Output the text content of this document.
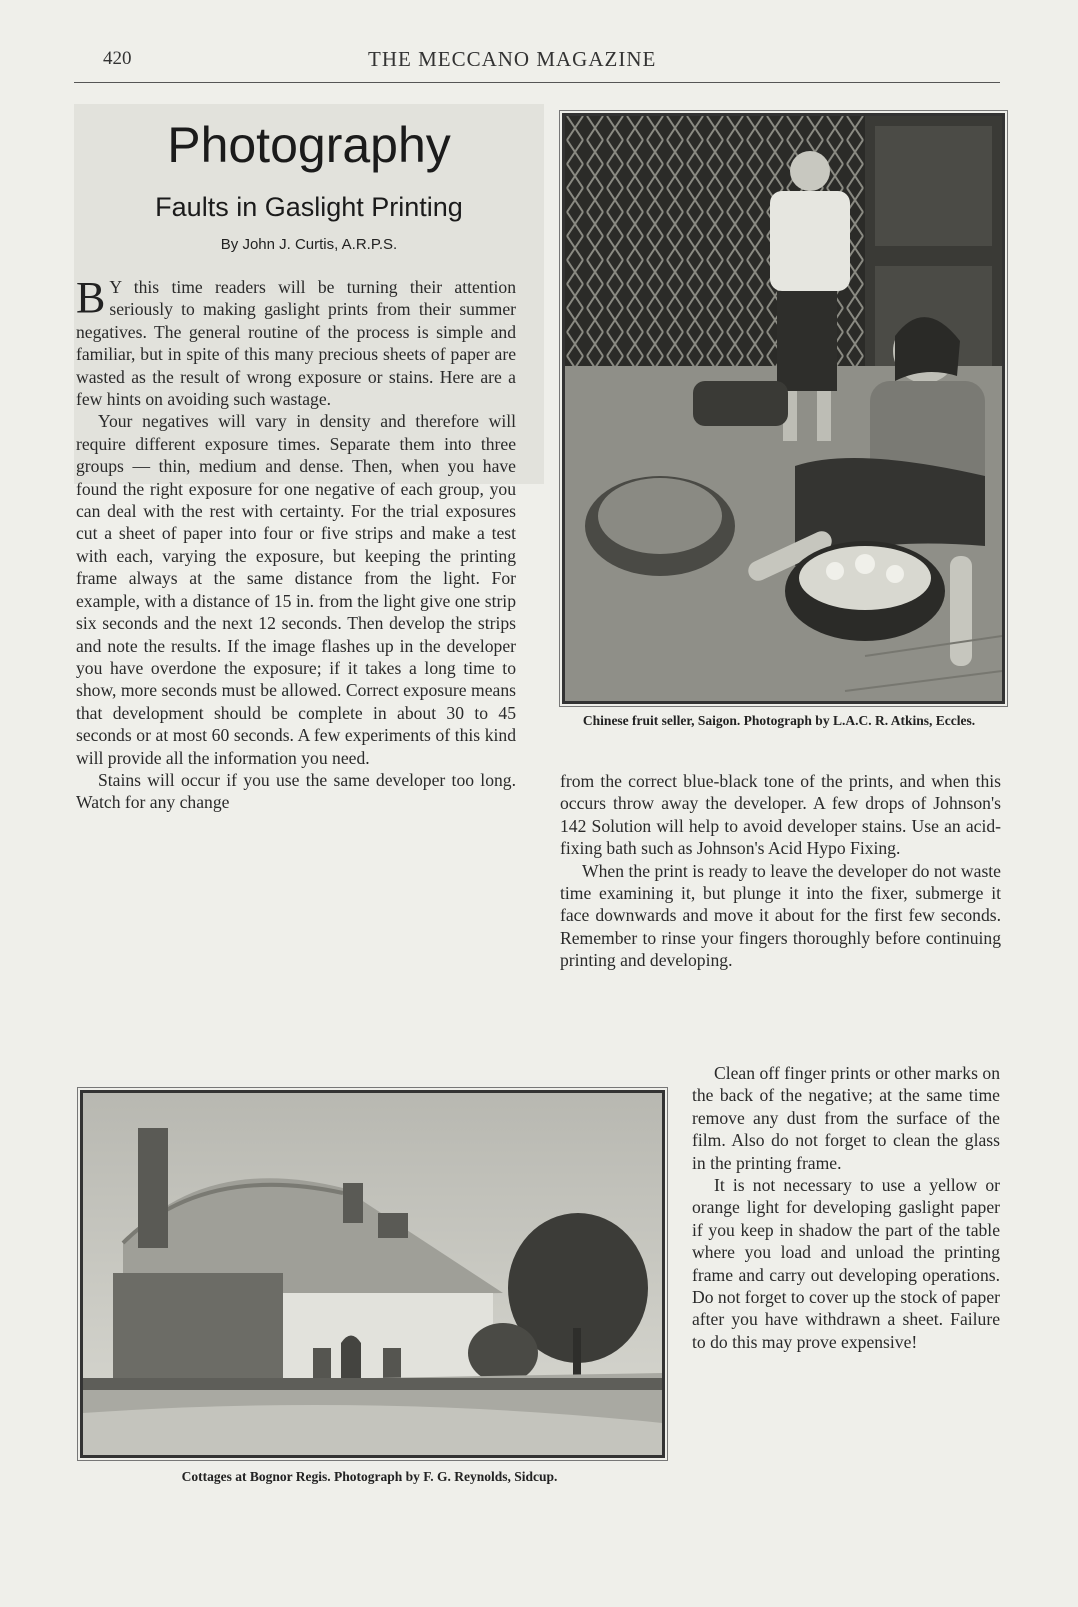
420	THE MECCANO MAGAZINE
Photography
Faults in Gaslight Printing
By John J. Curtis, A.R.P.S.

B Y this time readers will be turning their attention seriously to making gaslight prints from their summer negatives. The general routine of the process is simple and familiar, but in spite of this many precious sheets of paper are wasted as the result of wrong exposure or stains. Here are a few hints on avoiding such wastage.

Your negatives will vary in density and therefore will require different exposure times. Separate them into three groups — thin, medium and dense. Then, when you have found the right exposure for one negative of each group, you can deal with the rest with certainty. For the trial exposures cut a sheet of paper into four or five strips and make a test with each, varying the exposure, but keeping the printing frame always at the same distance from the light. For example, with a distance of 15 in. from the light give one strip six seconds and the next 12 seconds. Then develop the strips and note the results. If the image flashes up in the developer you have overdone the exposure; if it takes a long time to show, more seconds must be allowed. Correct exposure means that development should be complete in about 30 to 45 seconds or at most 60 seconds. A few experiments of this kind will provide all the information you need.

Stains will occur if you use the same developer too long. Watch for any change

Chinese fruit seller, Saigon. Photograph by L.A.C. R. Atkins, Eccles.

from the correct blue-black tone of the prints, and when this occurs throw away the developer. A few drops of Johnson's 142 Solution will help to avoid developer stains. Use an acid-fixing bath such as Johnson's Acid Hypo Fixing.

When the print is ready to leave the developer do not waste time examining it, but plunge it into the fixer, submerge it face downwards and move it about for the first few seconds. Remember to rinse your fingers thoroughly before continuing printing and developing.

Cottages at Bognor Regis. Photograph by F. G. Reynolds, Sidcup.

Clean off finger prints or other marks on the back of the negative; at the same time remove any dust from the surface of the film. Also do not forget to clean the glass in the printing frame.

It is not necessary to use a yellow or orange light for developing gaslight paper if you keep in shadow the part of the table where you load and unload the printing frame and carry out developing operations. Do not forget to cover up the stock of paper after you have withdrawn a sheet. Failure to do this may prove expensive!
